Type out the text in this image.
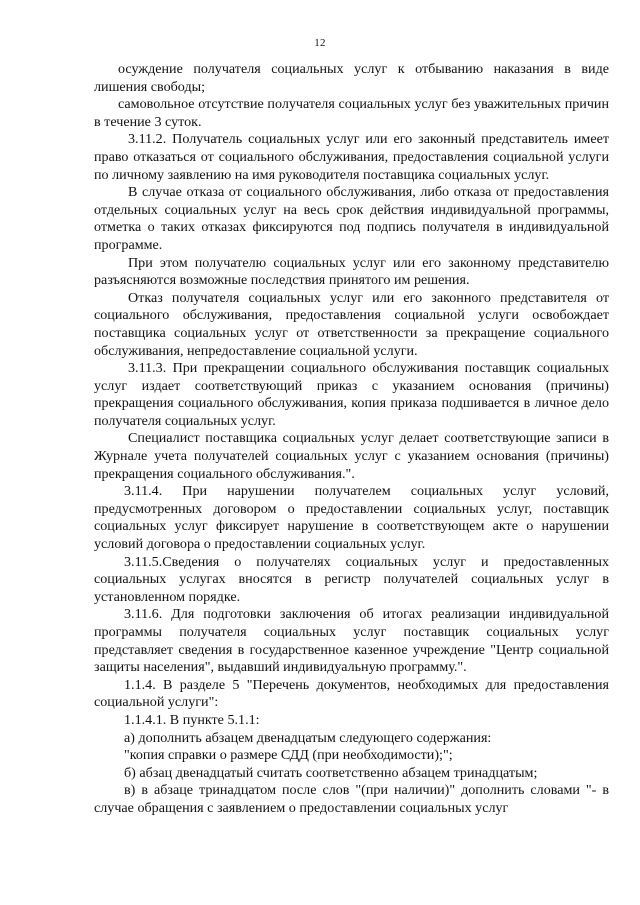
12

осуждение получателя социальных услуг к отбыванию наказания в виде лишения свободы;

самовольное отсутствие получателя социальных услуг без уважительных причин в течение 3 суток.

3.11.2. Получатель социальных услуг или его законный представитель имеет право отказаться от социального обслуживания, предоставления социальной услуги по личному заявлению на имя руководителя поставщика социальных услуг.

В случае отказа от социального обслуживания, либо отказа от предоставления отдельных социальных услуг на весь срок действия индивидуальной программы, отметка о таких отказах фиксируются под подпись получателя в индивидуальной программе.

При этом получателю социальных услуг или его законному представителю разъясняются возможные последствия принятого им решения.

Отказ получателя социальных услуг или его законного представителя от социального обслуживания, предоставления социальной услуги освобождает поставщика социальных услуг от ответственности за прекращение социального обслуживания, непредоставление социальной услуги.

3.11.3. При прекращении социального обслуживания поставщик социальных услуг издает соответствующий приказ с указанием основания (причины) прекращения социального обслуживания, копия приказа подшивается в личное дело получателя социальных услуг.

Специалист поставщика социальных услуг делает соответствующие записи в Журнале учета получателей социальных услуг с указанием основания (причины) прекращения социального обслуживания.".

3.11.4. При нарушении получателем социальных услуг условий, предусмотренных договором о предоставлении социальных услуг, поставщик социальных услуг фиксирует нарушение в соответствующем акте о нарушении условий договора о предоставлении социальных услуг.

3.11.5.Сведения о получателях социальных услуг и предоставленных социальных услугах вносятся в регистр получателей социальных услуг в установленном порядке.

3.11.6. Для подготовки заключения об итогах реализации индивидуальной программы получателя социальных услуг поставщик социальных услуг представляет сведения в государственное казенное учреждение "Центр социальной защиты населения", выдавший индивидуальную программу.".

1.1.4. В разделе 5 "Перечень документов, необходимых для предоставления социальной услуги":

1.1.4.1. В пункте 5.1.1:

а) дополнить абзацем двенадцатым следующего содержания:

"копия справки о размере СДД (при необходимости);";

б) абзац двенадцатый считать соответственно абзацем тринадцатым;

в) в абзаце тринадцатом после слов "(при наличии)" дополнить словами "- в случае обращения с заявлением о предоставлении социальных услуг
